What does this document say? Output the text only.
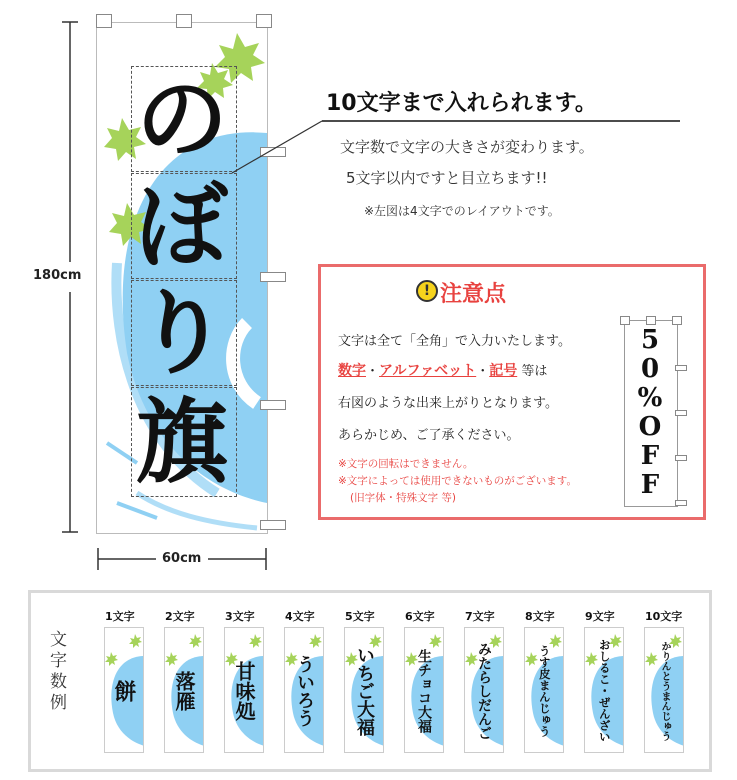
180cm
60cm
の
ぼ
り
旗
10文字まで入れられます。
文字数で文字の大きさが変わります。
5文字以内ですと目立ちます!!
※左図は4文字でのレイアウトです。
! 注意点
文字は全て「全角」で入力いたします。
数字・アルファベット・記号 等は
右図のような出来上がりとなります。
あらかじめ、ご了承ください。
※文字の回転はできません。
※文字によっては使用できないものがございます。
(旧字体・特殊文字 等)
5
0
%
O
F
F
文字数例
1文字
餅
2文字
落雁
3文字
甘味処
4文字
ういろう
5文字
いちご大福
6文字
生チョコ大福
7文字
みたらしだんご
8文字
うす皮まんじゅう
9文字
おしるこ・ぜんざい
10文字
かりんとうまんじゅう
